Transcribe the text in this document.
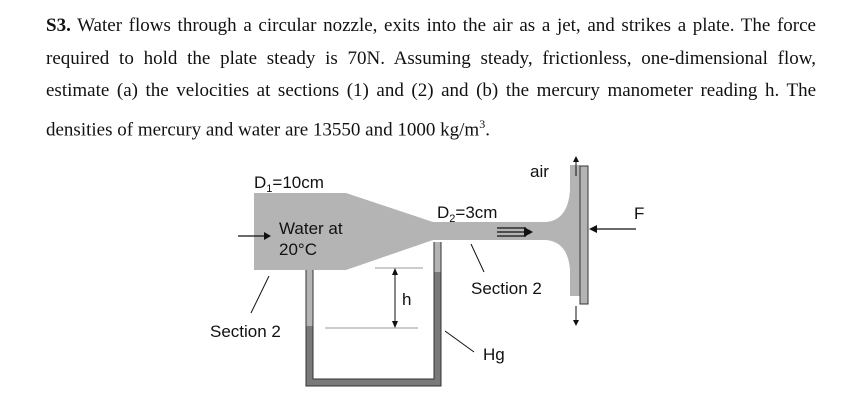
S3. Water flows through a circular nozzle, exits into the air as a jet, and strikes a plate. The force required to hold the plate steady is 70N. Assuming steady, frictionless, one-dimensional flow, estimate (a) the velocities at sections (1) and (2) and (b) the mercury manometer reading h. The densities of mercury and water are 13550 and 1000 $kg/m^3$.
$D_1=10cm$
$D_2=3cm$
air
F
Water at
20°C
h
Section 2
Section 2
Hg
